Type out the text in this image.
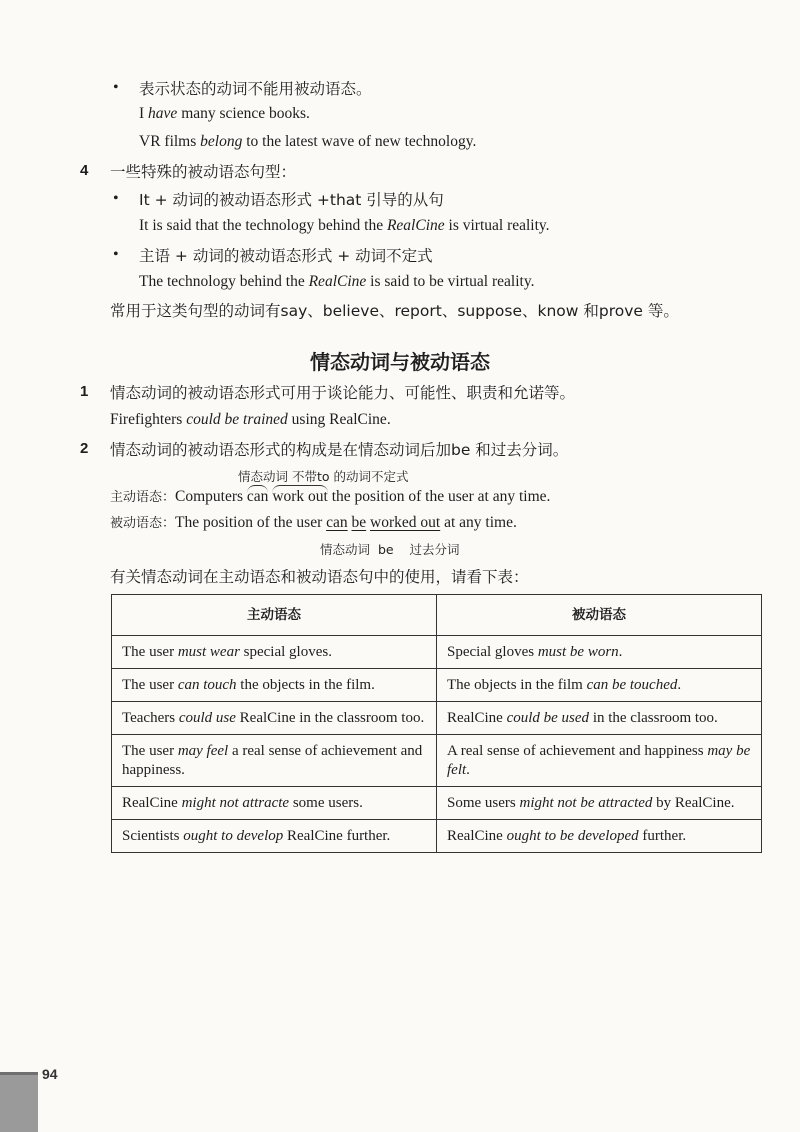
• 表示状态的动词不能用被动语态。
I have many science books.
VR films belong to the latest wave of new technology.
4 一些特殊的被动语态句型：
• It + 动词的被动语态形式 +that 引导的从句
It is said that the technology behind the RealCine is virtual reality.
• 主语 + 动词的被动语态形式 + 动词不定式
The technology behind the RealCine is said to be virtual reality.
常用于这类句型的动词有say、believe、report、suppose、know 和prove 等。
情态动词与被动语态
1 情态动词的被动语态形式可用于谈论能力、可能性、职责和允诺等。
Firefighters could be trained using RealCine.
2 情态动词的被动语态形式的构成是在情态动词后加be 和过去分词。
情态动词 不带to 的动词不定式
主动语态：Computers can work out the position of the user at any time.
被动语态：The position of the user can be worked out at any time.
情态动词 be 过去分词
有关情态动词在主动语态和被动语态句中的使用，请看下表：
主动语态	被动语态
The user must wear special gloves.	Special gloves must be worn.
The user can touch the objects in the film.	The objects in the film can be touched.
Teachers could use RealCine in the classroom too.	RealCine could be used in the classroom too.
The user may feel a real sense of achievement and happiness.	A real sense of achievement and happiness may be felt.
RealCine might not attracte some users.	Some users might not be attracted by RealCine.
Scientists ought to develop RealCine further.	RealCine ought to be developed further.
94
